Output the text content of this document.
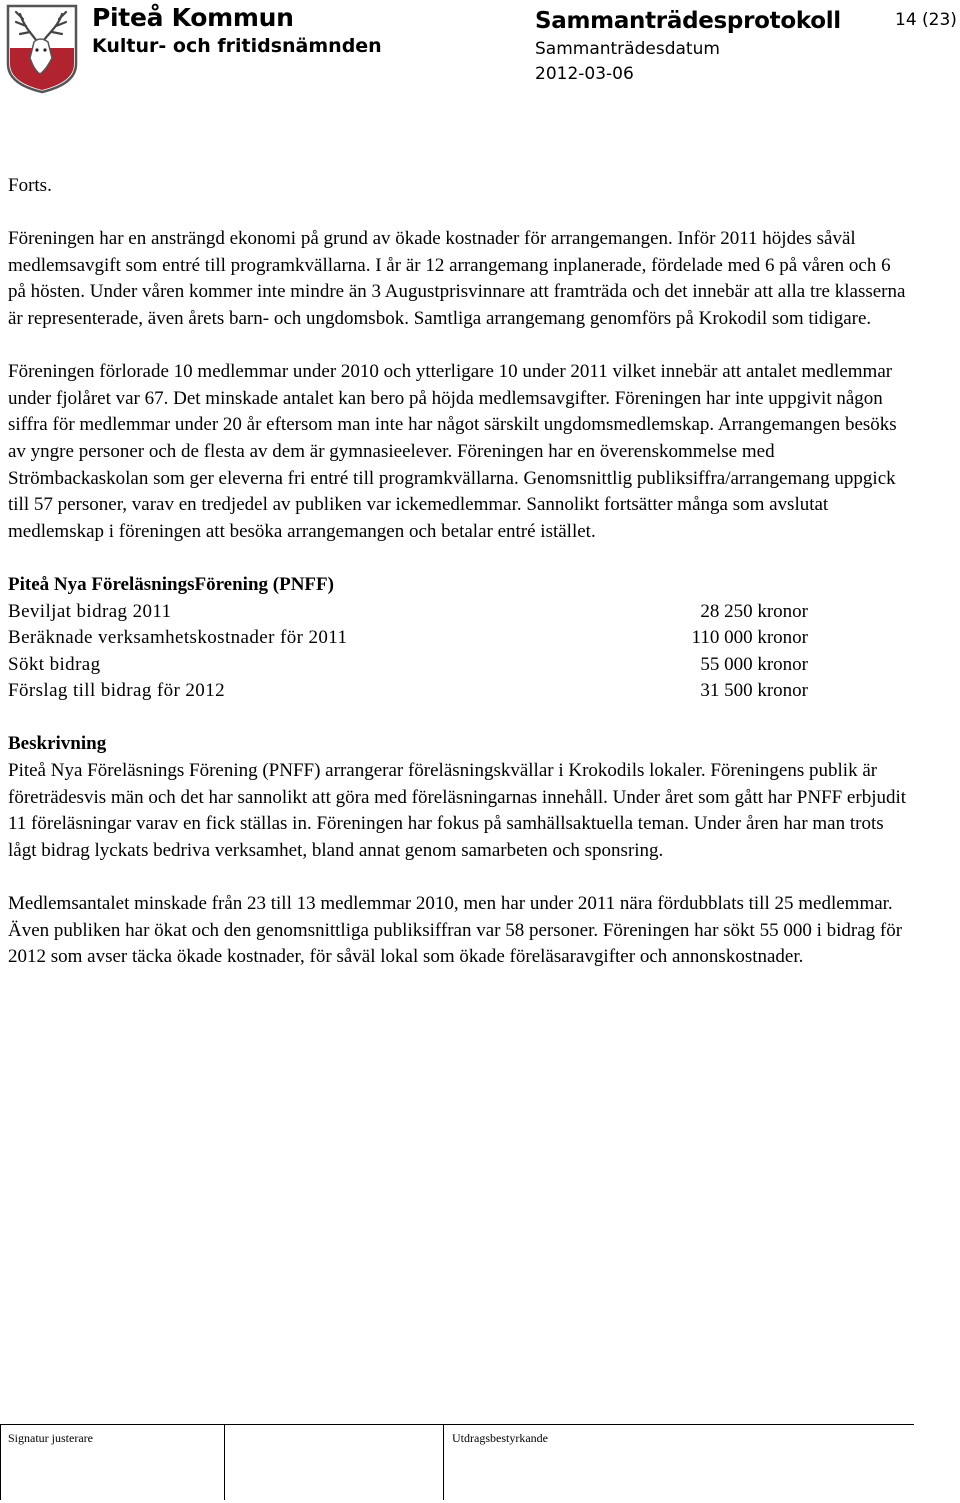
Piteå Kommun
Kultur- och fritidsnämnden
Sammanträdesprotokoll
Sammanträdesdatum
2012-03-06
14 (23)

Forts.

Föreningen har en ansträngd ekonomi på grund av ökade kostnader för arrangemangen. Inför 2011 höjdes såväl medlemsavgift som entré till programkvällarna. I år är 12 arrangemang inplanerade, fördelade med 6 på våren och 6 på hösten. Under våren kommer inte mindre än 3 Augustprisvinnare att framträda och det innebär att alla tre klasserna är representerade, även årets barn- och ungdomsbok. Samtliga arrangemang genomförs på Krokodil som tidigare.

Föreningen förlorade 10 medlemmar under 2010 och ytterligare 10 under 2011 vilket innebär att antalet medlemmar under fjolåret var 67. Det minskade antalet kan bero på höjda medlemsavgifter. Föreningen har inte uppgivit någon siffra för medlemmar under 20 år eftersom man inte har något särskilt ungdomsmedlemskap. Arrangemangen besöks av yngre personer och de flesta av dem är gymnasieelever. Föreningen har en överenskommelse med Strömbackaskolan som ger eleverna fri entré till programkvällarna. Genomsnittlig publiksiffra/arrangemang uppgick till 57 personer, varav en tredjedel av publiken var ickemedlemmar. Sannolikt fortsätter många som avslutat medlemskap i föreningen att besöka arrangemangen och betalar entré istället.

Piteå Nya FöreläsningsFörening (PNFF)

Beviljat bidrag 2011	28 250 kronor
Beräknade verksamhetskostnader för 2011	110 000 kronor
Sökt bidrag	55 000 kronor
Förslag till bidrag för 2012	31 500 kronor

Beskrivning

Piteå Nya Föreläsnings Förening (PNFF) arrangerar föreläsningskvällar i Krokodils lokaler. Föreningens publik är företrädesvis män och det har sannolikt att göra med föreläsningarnas innehåll. Under året som gått har PNFF erbjudit 11 föreläsningar varav en fick ställas in. Föreningen har fokus på samhällsaktuella teman. Under åren har man trots lågt bidrag lyckats bedriva verksamhet, bland annat genom samarbeten och sponsring.

Medlemsantalet minskade från 23 till 13 medlemmar 2010, men har under 2011 nära fördubblats till 25 medlemmar. Även publiken har ökat och den genomsnittliga publiksiffran var 58 personer. Föreningen har sökt 55 000 i bidrag för 2012 som avser täcka ökade kostnader, för såväl lokal som ökade föreläsaravgifter och annonskostnader.

Signatur justerare	Utdragsbestyrkande
